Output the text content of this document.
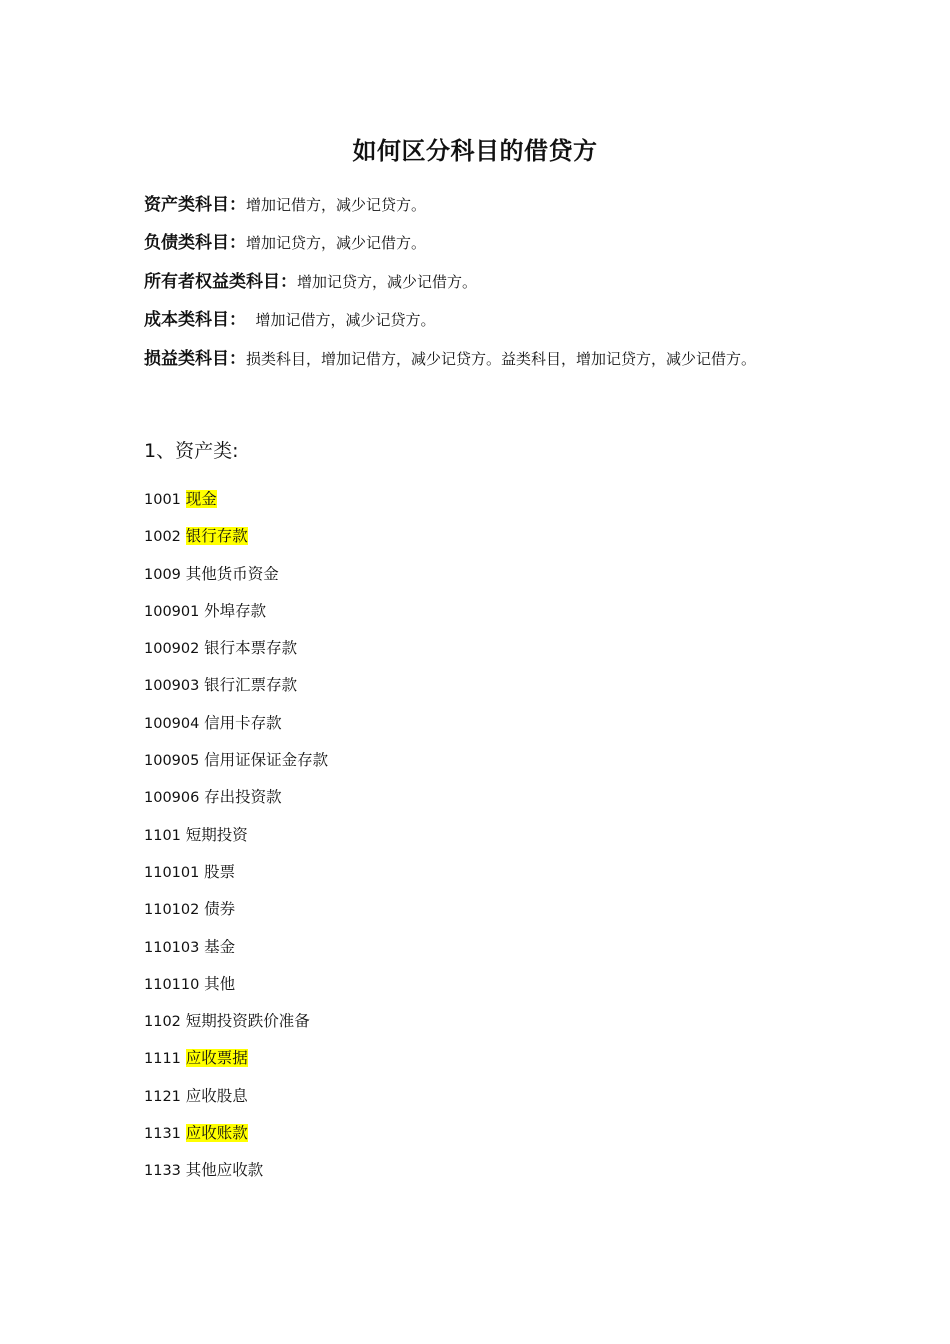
如何区分科目的借贷方
资产类科目：增加记借方，减少记贷方。
负债类科目：增加记贷方，减少记借方。
所有者权益类科目：增加记贷方，减少记借方。
成本类科目：  增加记借方，减少记贷方。
损益类科目：损类科目，增加记借方，减少记贷方。益类科目，增加记贷方，减少记借方。
1、资产类:
1001 现金
1002 银行存款
1009 其他货币资金
100901 外埠存款
100902 银行本票存款
100903 银行汇票存款
100904 信用卡存款
100905 信用证保证金存款
100906 存出投资款
1101 短期投资
110101 股票
110102 债券
110103 基金
110110 其他
1102 短期投资跌价准备
1111 应收票据
1121 应收股息
1131 应收账款
1133 其他应收款
